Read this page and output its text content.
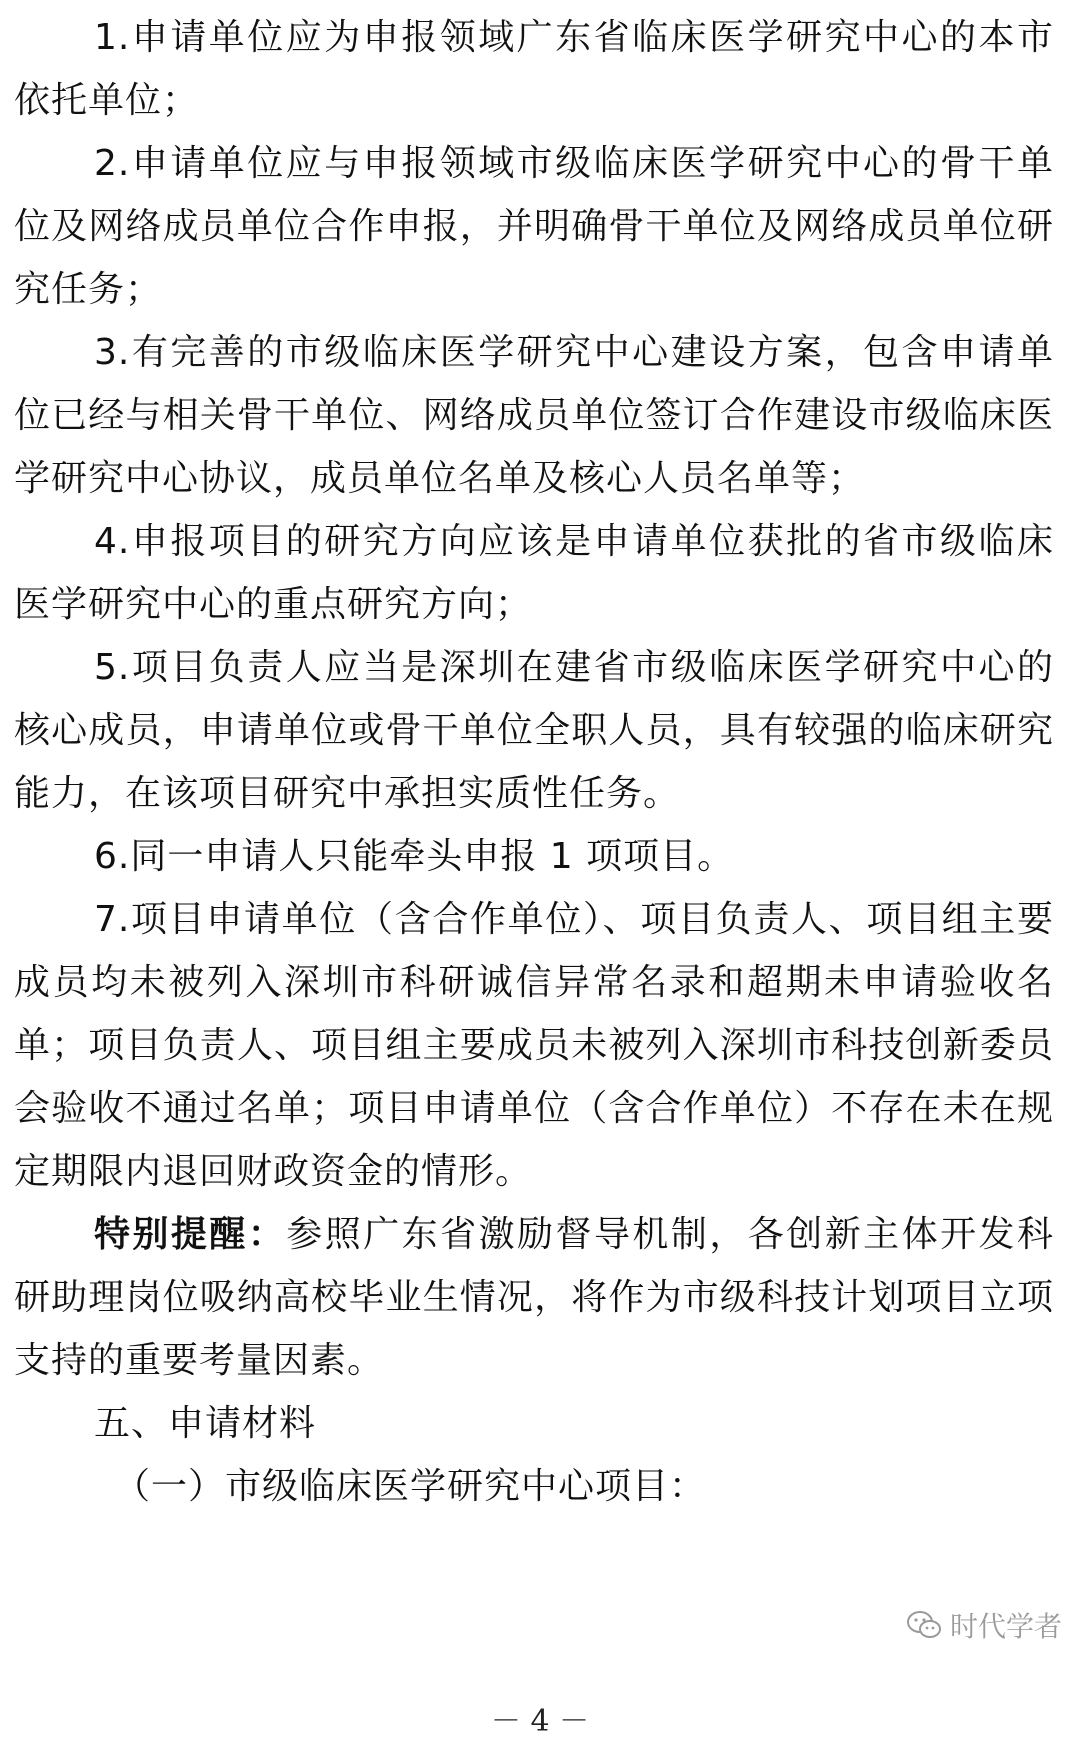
1.申请单位应为申报领域广东省临床医学研究中心的本市依托单位；

2.申请单位应与申报领域市级临床医学研究中心的骨干单位及网络成员单位合作申报，并明确骨干单位及网络成员单位研究任务；

3.有完善的市级临床医学研究中心建设方案，包含申请单位已经与相关骨干单位、网络成员单位签订合作建设市级临床医学研究中心协议，成员单位名单及核心人员名单等；

4.申报项目的研究方向应该是申请单位获批的省市级临床医学研究中心的重点研究方向；

5.项目负责人应当是深圳在建省市级临床医学研究中心的核心成员，申请单位或骨干单位全职人员，具有较强的临床研究能力，在该项目研究中承担实质性任务。

6.同一申请人只能牵头申报 1 项项目。

7.项目申请单位（含合作单位）、项目负责人、项目组主要成员均未被列入深圳市科研诚信异常名录和超期未申请验收名单；项目负责人、项目组主要成员未被列入深圳市科技创新委员会验收不通过名单；项目申请单位（含合作单位）不存在未在规定期限内退回财政资金的情形。

特别提醒：参照广东省激励督导机制，各创新主体开发科研助理岗位吸纳高校毕业生情况，将作为市级科技计划项目立项支持的重要考量因素。

五、申请材料

（一）市级临床医学研究中心项目：

时代学者
－ 4 －
